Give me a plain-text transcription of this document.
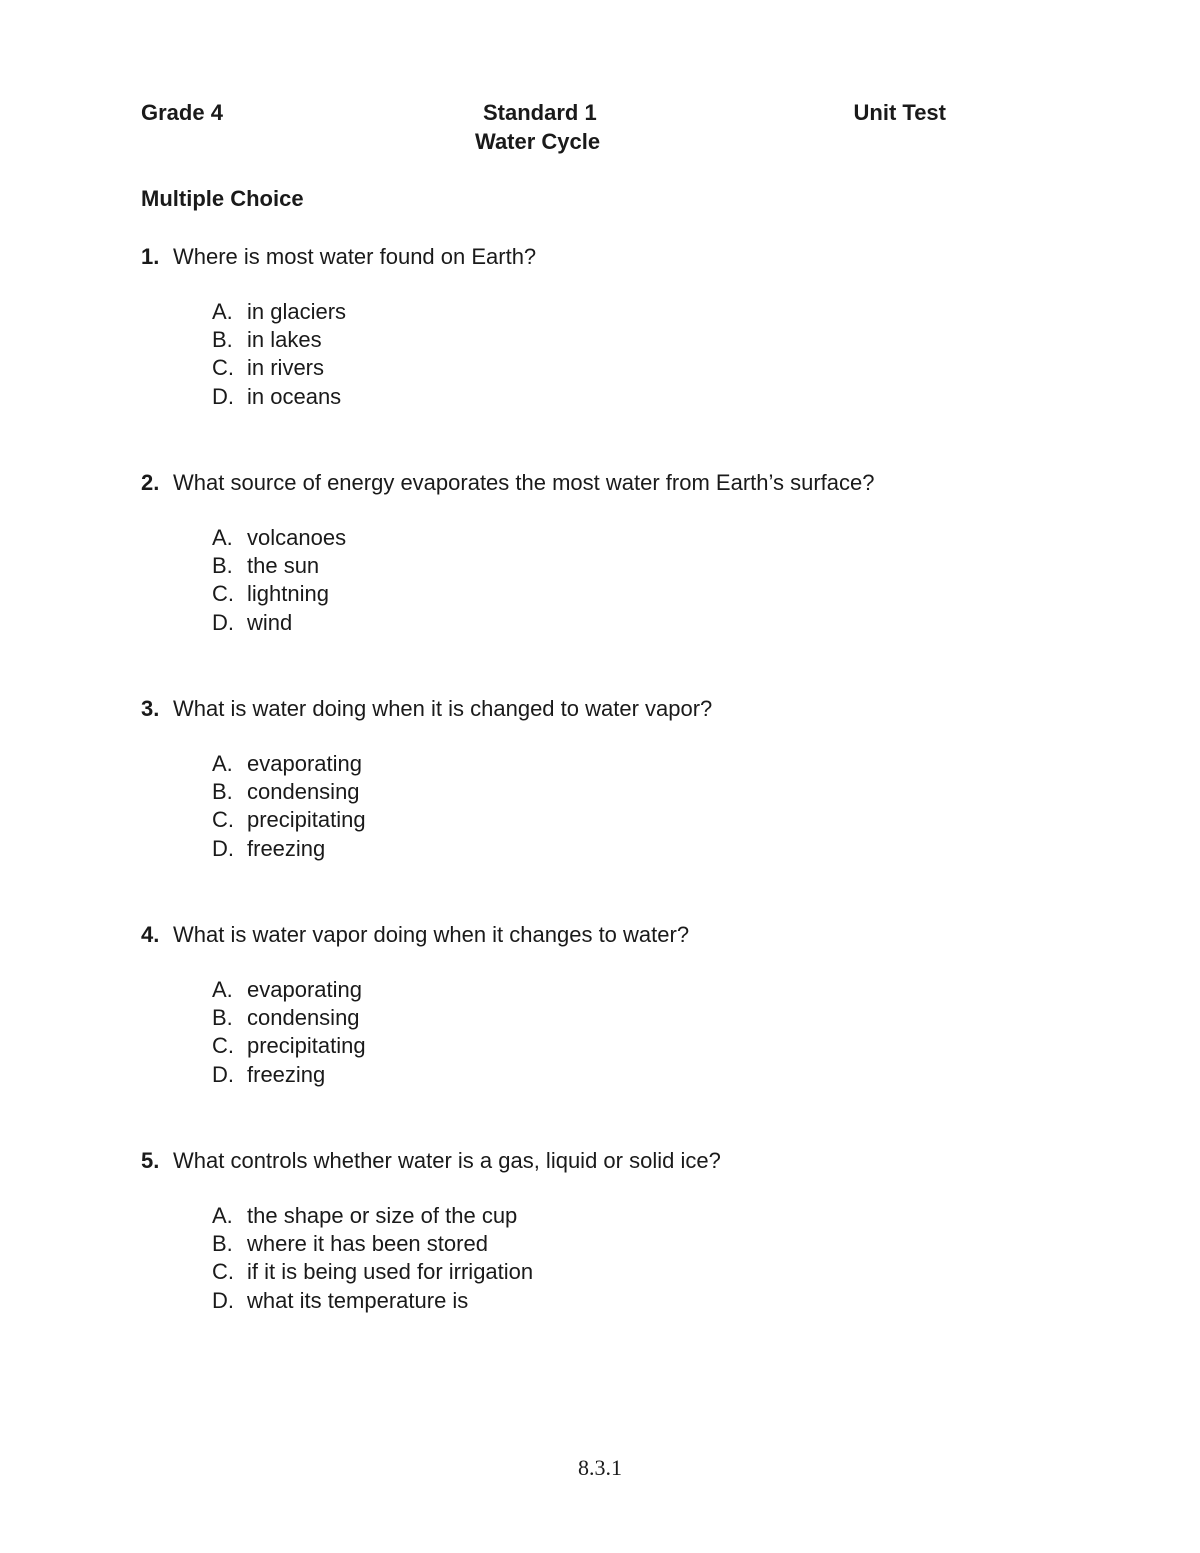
Grade 4	Standard 1	Unit Test
Water Cycle
Multiple Choice
1. Where is most water found on Earth?
A. in glaciers
B. in lakes
C. in rivers
D. in oceans
2. What source of energy evaporates the most water from Earth’s surface?
A. volcanoes
B. the sun
C. lightning
D. wind
3. What is water doing when it is changed to water vapor?
A. evaporating
B. condensing
C. precipitating
D. freezing
4. What is water vapor doing when it changes to water?
A. evaporating
B. condensing
C. precipitating
D. freezing
5. What controls whether water is a gas, liquid or solid ice?
A. the shape or size of the cup
B. where it has been stored
C. if it is being used for irrigation
D. what its temperature is
8.3.1
